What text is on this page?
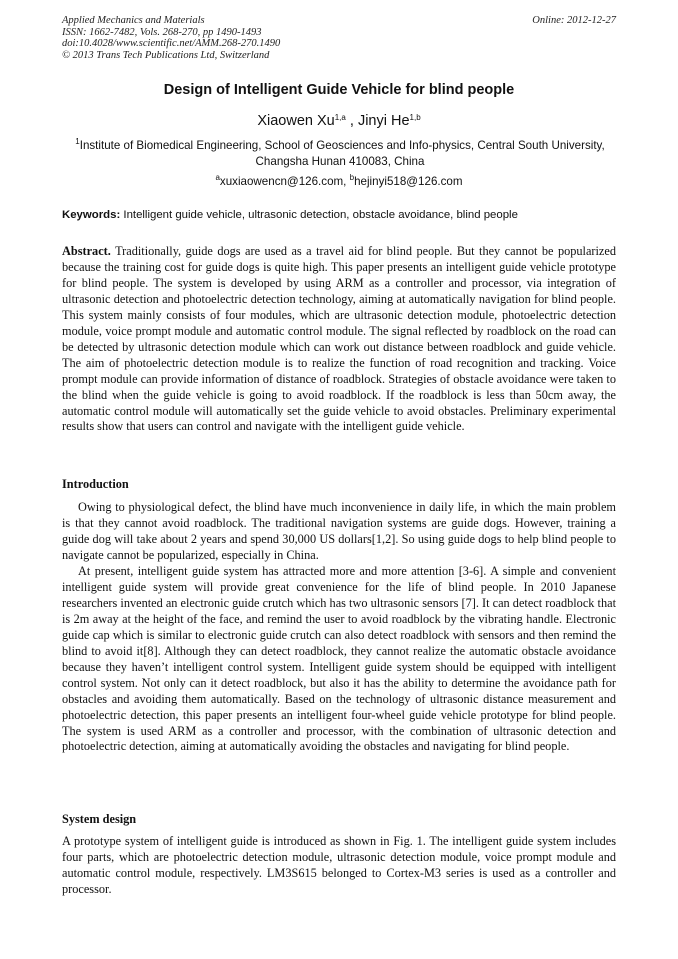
Applied Mechanics and Materials
ISSN: 1662-7482, Vols. 268-270, pp 1490-1493
doi:10.4028/www.scientific.net/AMM.268-270.1490
© 2013 Trans Tech Publications Ltd, Switzerland
Online: 2012-12-27
Design of Intelligent Guide Vehicle for blind people
Xiaowen Xu$^{1,a}$ , Jinyi He$^{1,b}$
$^1$Institute of Biomedical Engineering, School of Geosciences and Info-physics, Central South University, Changsha Hunan 410083, China
$^a$xuxiaowencn@126.com, $^b$hejinyi518@126.com
Keywords: Intelligent guide vehicle, ultrasonic detection, obstacle avoidance, blind people
Abstract. Traditionally, guide dogs are used as a travel aid for blind people. But they cannot be popularized because the training cost for guide dogs is quite high. This paper presents an intelligent guide vehicle prototype for blind people. The system is developed by using ARM as a controller and processor, via integration of ultrasonic detection and photoelectric detection technology, aiming at automatically navigation for blind people. This system mainly consists of four modules, which are ultrasonic detection module, photoelectric detection module, voice prompt module and automatic control module. The signal reflected by roadblock on the road can be detected by ultrasonic detection module which can work out distance between roadblock and guide vehicle. The aim of photoelectric detection module is to realize the function of road recognition and tracking. Voice prompt module can provide information of distance of roadblock. Strategies of obstacle avoidance were taken to the blind when the guide vehicle is going to avoid roadblock. If the roadblock is less than 50cm away, the automatic control module will automatically set the guide vehicle to avoid obstacles. Preliminary experimental results show that users can control and navigate with the intelligent guide vehicle.
Introduction
Owing to physiological defect, the blind have much inconvenience in daily life, in which the main problem is that they cannot avoid roadblock. The traditional navigation systems are guide dogs. However, training a guide dog will take about 2 years and spend 30,000 US dollars[1,2]. So using guide dogs to help blind people to navigate cannot be popularized, especially in China.
At present, intelligent guide system has attracted more and more attention [3-6]. A simple and convenient intelligent guide system will provide great convenience for the life of blind people. In 2010 Japanese researchers invented an electronic guide crutch which has two ultrasonic sensors [7]. It can detect roadblock that is 2m away at the height of the face, and remind the user to avoid roadblock by the vibrating handle. Electronic guide cap which is similar to electronic guide crutch can also detect roadblock with sensors and then remind the blind to avoid it[8]. Although they can detect roadblock, they cannot realize the automatic obstacle avoidance because they haven’t intelligent control system. Intelligent guide system should be equipped with intelligent control system. Not only can it detect roadblock, but also it has the ability to determine the avoidance path for obstacles and avoiding them automatically. Based on the technology of ultrasonic distance measurement and photoelectric detection, this paper presents an intelligent four-wheel guide vehicle prototype for blind people. The system is used ARM as a controller and processor, with the combination of ultrasonic detection and photoelectric detection, aiming at automatically avoiding the obstacles and navigating for blind people.
System design
A prototype system of intelligent guide is introduced as shown in Fig. 1. The intelligent guide system includes four parts, which are photoelectric detection module, ultrasonic detection module, voice prompt module and automatic control module, respectively. LM3S615 belonged to Cortex-M3 series is used as a controller and processor.
